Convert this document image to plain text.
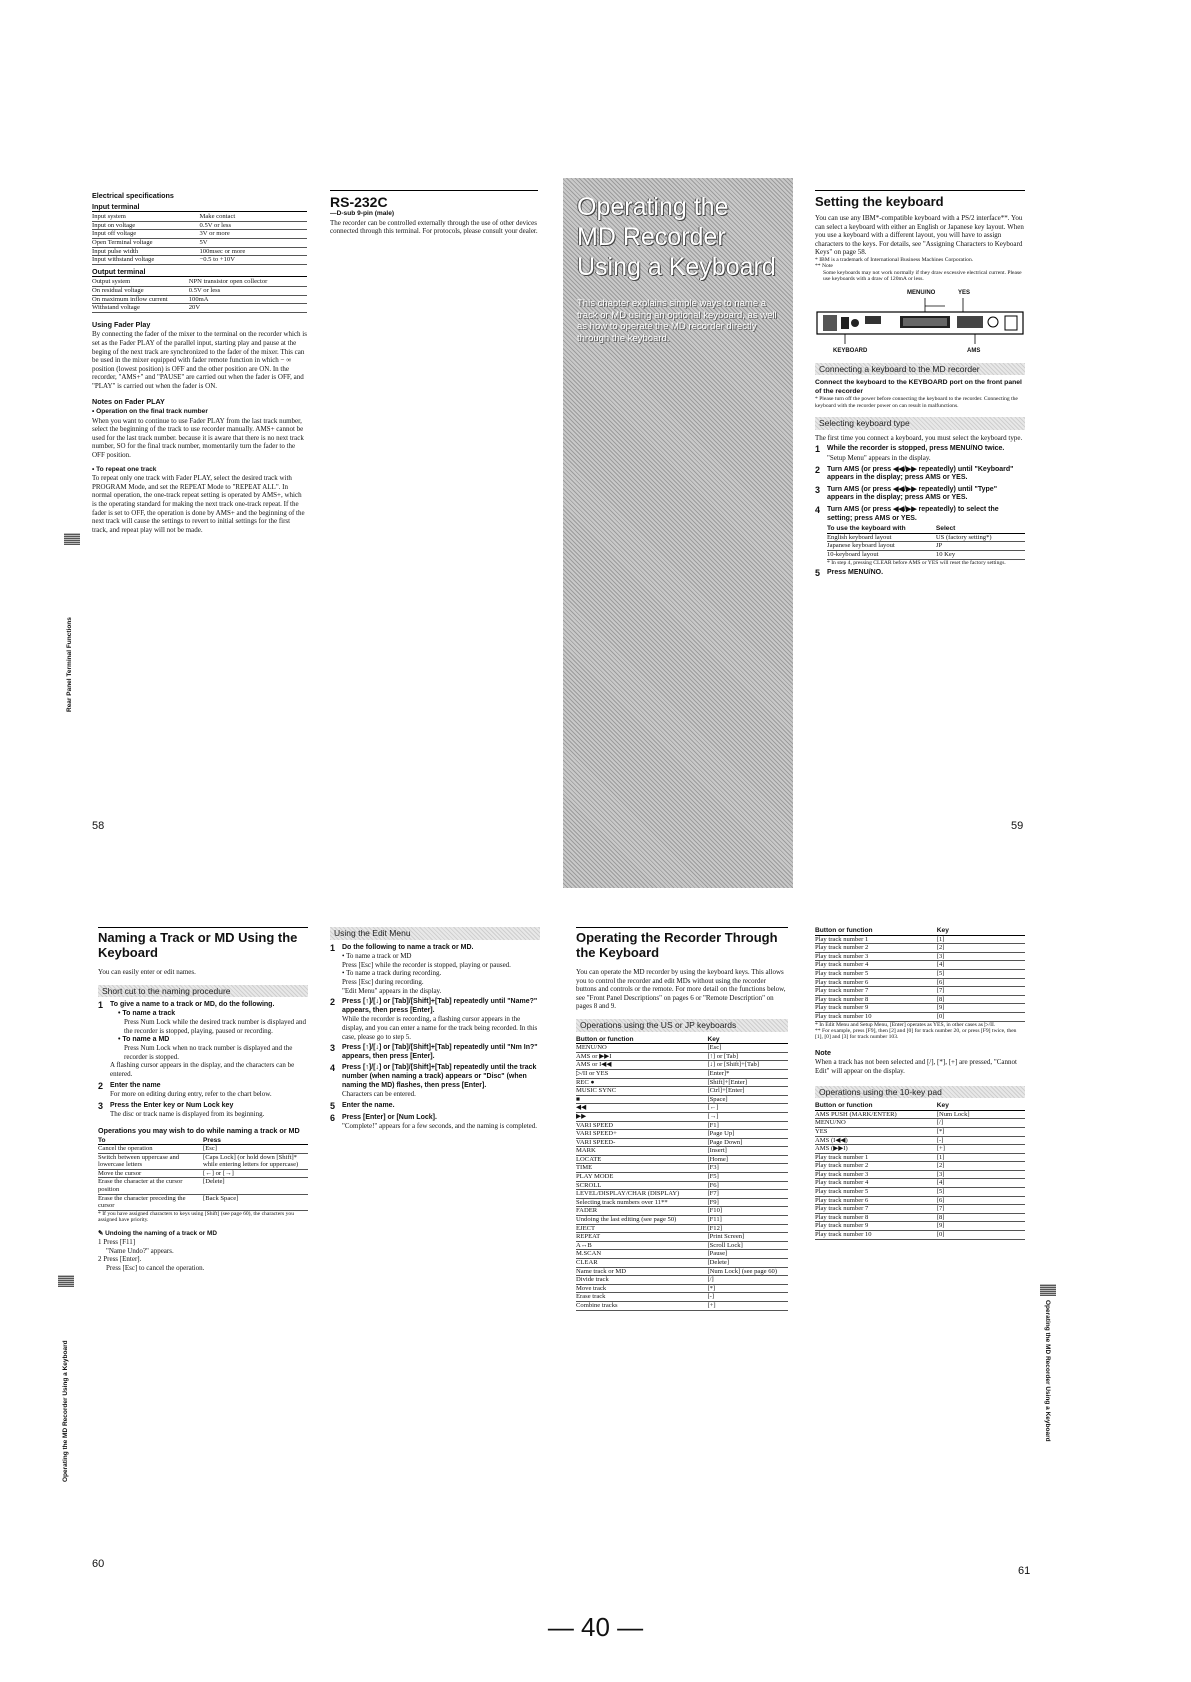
Electrical specifications
Input terminal
Input system	Make contact
Input on voltage	0.5V or less
Input off voltage	3V or more
Open Terminal voltage	5V
Input pulse width	100msec or more
Input withstand voltage	−0.5 to +10V
Output terminal
Output system	NPN transistor open collector
On residual voltage	0.5V or less
On maximum inflow current	100mA
Withstand voltage	20V
Using Fader Play
By connecting the fader of the mixer to the terminal on the recorder which is set as the Fader PLAY of the parallel input, starting play and pause at the beging of the next track are synchronized to the fader of the mixer. This can be used in the mixer equipped with fader remote function in which − ∞ position (lowest position) is OFF and the other position are ON. In the recorder, "AMS+" and "PAUSE" are carried out when the fader is OFF, and "PLAY" is carried out when the fader is ON.
Notes on Fader PLAY
• Operation on the final track number
When you want to continue to use Fader PLAY from the last track number, select the beginning of the track to use recorder manually. AMS+ cannot be used for the last track number. because it is aware that there is no next track number, SO for the final track number, momentarily turn the fader to the OFF position.
• To repeat one track
To repeat only one track with Fader PLAY, select the desired track with PROGRAM Mode, and set the REPEAT Mode to "REPEAT ALL". In normal operation, the one-track repeat setting is operated by AMS+, which is the operating standard for making the next track one-track repeat. If the fader is set to OFF, the operation is done by AMS+ and the beginning of the next track will cause the settings to revert to initial settings for the first track, and repeat play will not be made.
Rear Panel Terminal Functions
58
RS-232C
—D-sub 9-pin (male)
The recorder can be controlled externally through the use of other devices connected through this terminal. For protocols, please consult your dealer.
Operating the
MD Recorder
Using a Keyboard
This chapter explains simple ways to name a track or MD using an optional keyboard, as well as how to operate the MD recorder directly through the keyboard.
Setting the keyboard
You can use any IBM*-compatible keyboard with a PS/2 interface**. You can select a keyboard with either an English or Japanese key layout. When you use a keyboard with a different layout, you will have to assign characters to the keys. For details, see "Assigning Characters to Keyboard Keys" on page 58.
* IBM is a trademark of International Business Machines Corporation.
** Note
Some keyboards may not work normally if they draw excessive electrical current. Please use keyboards with a draw of 120mA or less.
MENU/NO	YES
KEYBOARD	AMS
Connecting a keyboard to the MD recorder
Connect the keyboard to the KEYBOARD port on the front panel of the recorder
* Please turn off the power before connecting the keyboard to the recorder. Connecting the keyboard with the recorder power on can result in malfunctions.
Selecting keyboard type
The first time you connect a keyboard, you must select the keyboard type.
1 While the recorder is stopped, press MENU/NO twice.
"Setup Menu" appears in the display.
2 Turn AMS (or press ◀◀/▶▶ repeatedly) until "Keyboard" appears in the display; press AMS or YES.
3 Turn AMS (or press ◀◀/▶▶ repeatedly) until "Type" appears in the display; press AMS or YES.
4 Turn AMS (or press ◀◀/▶▶ repeatedly) to select the setting; press AMS or YES.
To use the keyboard with	Select
English keyboard layout	US (factory setting*)
Japanese keyboard layout	JP
10-keyboard layout	10 Key
* In step 4, pressing CLEAR before AMS or YES will reset the factory settings.
5 Press MENU/NO.
59
Naming a Track or MD Using the Keyboard
You can easily enter or edit names.
Short cut to the naming procedure
1 To give a name to a track or MD, do the following.
• To name a track
Press Num Lock while the desired track number is displayed and the recorder is stopped, playing, paused or recording.
• To name a MD
Press Num Lock when no track number is displayed and the recorder is stopped.
A flashing cursor appears in the display, and the characters can be entered.
2 Enter the name
For more on editing during entry, refer to the chart below.
3 Press the Enter key or Num Lock key
The disc or track name is displayed from its beginning.
Operations you may wish to do while naming a track or MD
To	Press
Cancel the operation	[Esc]
Switch between uppercase and lowercase letters	[Caps Lock] (or hold down [Shift]* while entering letters for uppercase)
Move the cursor	[←] or [→]
Erase the character at the cursor position	[Delete]
Erase the character preceding the cursor	[Back Space]
* If you have assigned characters to keys using [Shift] (see page 60), the characters you assigned have priority.
✎ Undoing the naming of a track or MD
1 Press [F11]
"Name Undo?" appears.
2 Press [Enter].
Press [Esc] to cancel the operation.
Operating the MD Recorder Using a Keyboard
60
Using the Edit Menu
1 Do the following to name a track or MD.
• To name a track or MD
Press [Esc] while the recorder is stopped, playing or paused.
• To name a track during recording.
Press [Esc] during recording.
"Edit Menu" appears in the display.
2 Press [↑]/[↓] or [Tab]/[Shift]+[Tab] repeatedly until "Name?" appears, then press [Enter].
While the recorder is recording, a flashing cursor appears in the display, and you can enter a name for the track being recorded. In this case, please go to step 5.
3 Press [↑]/[↓] or [Tab]/[Shift]+[Tab] repeatedly until "Nm In?" appears, then press [Enter].
4 Press [↑]/[↓] or [Tab]/[Shift]+[Tab] repeatedly until the track number (when naming a track) appears or "Disc" (when naming the MD) flashes, then press [Enter].
Characters can be entered.
5 Enter the name.
6 Press [Enter] or [Num Lock].
"Complete!" appears for a few seconds, and the naming is completed.
Operating the Recorder Through the Keyboard
You can operate the MD recorder by using the keyboard keys. This allows you to control the recorder and edit MDs without using the recorder buttons and controls or the remote. For more detail on the functions below, see "Front Panel Descriptions" on pages 6 or "Remote Description" on pages 8 and 9.
Operations using the US or JP keyboards
Button or function	Key
MENU/NO	[Esc]
AMS or ▶▶I	[↑] or [Tab]
AMS or I◀◀	[↓] or [Shift]+[Tab]
▷/II or YES	[Enter]*
REC ●	[Shift]+[Enter]
MUSIC SYNC	[Ctrl]+[Enter]
■	[Space]
◀◀	[←]
▶▶	[→]
VARI SPEED	[F1]
VARI SPEED+	[Page Up]
VARI SPEED-	[Page Down]
MARK	[Insert]
LOCATE	[Home]
TIME	[F3]
PLAY MODE	[F5]
SCROLL	[F6]
LEVEL/DISPLAY/CHAR (DISPLAY)	[F7]
Selecting track numbers over 11**	[F9]
FADER	[F10]
Undoing the last editing (see page 50)	[F11]
EJECT	[F12]
REPEAT	[Print Screen]
A↔B	[Scroll Lock]
M.SCAN	[Pause]
CLEAR	[Delete]
Name track or MD	[Num Lock] (see page 60)
Divide track	[/]
Move track	[*]
Erase track	[-]
Combine tracks	[+]
Button or function	Key
Play track number 1	[1]
Play track number 2	[2]
Play track number 3	[3]
Play track number 4	[4]
Play track number 5	[5]
Play track number 6	[6]
Play track number 7	[7]
Play track number 8	[8]
Play track number 9	[9]
Play track number 10	[0]
* In Edit Menu and Setup Menu, [Enter] operates as YES, in other cases as ▷/II.
** For example, press [F9], then [2] and [0] for track number 20, or press [F9] twice, then [1], [0] and [3] for track number 103.
Note
When a track has not been selected and [/], [*], [+] are pressed, "Cannot Edit" will appear on the display.
Operations using the 10-key pad
Button or function	Key
AMS PUSH (MARK/ENTER)	[Num Lock]
MENU/NO	[/]
YES	[*]
AMS (I◀◀)	[-]
AMS (▶▶I)	[+]
Play track number 1	[1]
Play track number 2	[2]
Play track number 3	[3]
Play track number 4	[4]
Play track number 5	[5]
Play track number 6	[6]
Play track number 7	[7]
Play track number 8	[8]
Play track number 9	[9]
Play track number 10	[0]
Operating the MD Recorder Using a Keyboard
61
— 40 —
